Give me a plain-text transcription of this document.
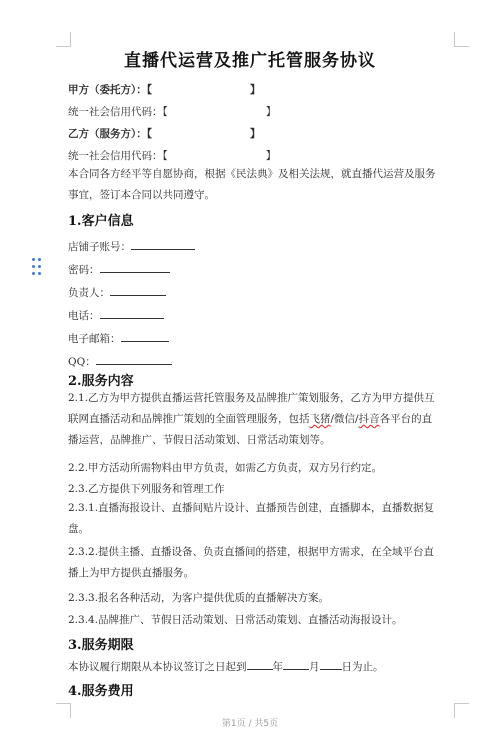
直播代运营及推广托管服务协议
甲方（委托方）：【	】
统一社会信用代码：【	】
乙方（服务方）：【	】
统一社会信用代码：【	】
本合同各方经平等自愿协商，根据《民法典》及相关法规，就直播代运营及服务事宜，签订本合同以共同遵守。
1.客户信息
店铺子账号：
密码：
负责人：
电话：
电子邮箱：
QQ：
2.服务内容
2.1.乙方为甲方提供直播运营托管服务及品牌推广策划服务，乙方为甲方提供互联网直播活动和品牌推广策划的全面管理服务，包括飞猪/微信/抖音各平台的直播运营，品牌推广、节假日活动策划、日常活动策划等。
2.2.甲方活动所需物料由甲方负责，如需乙方负责，双方另行约定。
2.3.乙方提供下列服务和管理工作
2.3.1.直播海报设计、直播间贴片设计、直播预告创建，直播脚本，直播数据复盘。
2.3.2.提供主播、直播设备、负责直播间的搭建，根据甲方需求，在全域平台直播上为甲方提供直播服务。
2.3.3.报名各种活动，为客户提供优质的直播解决方案。
2.3.4.品牌推广、节假日活动策划、日常活动策划、直播活动海报设计。
3.服务期限
本协议履行期限从本协议签订之日起到 年 月 日为止。
4.服务费用
第1页 / 共5页
